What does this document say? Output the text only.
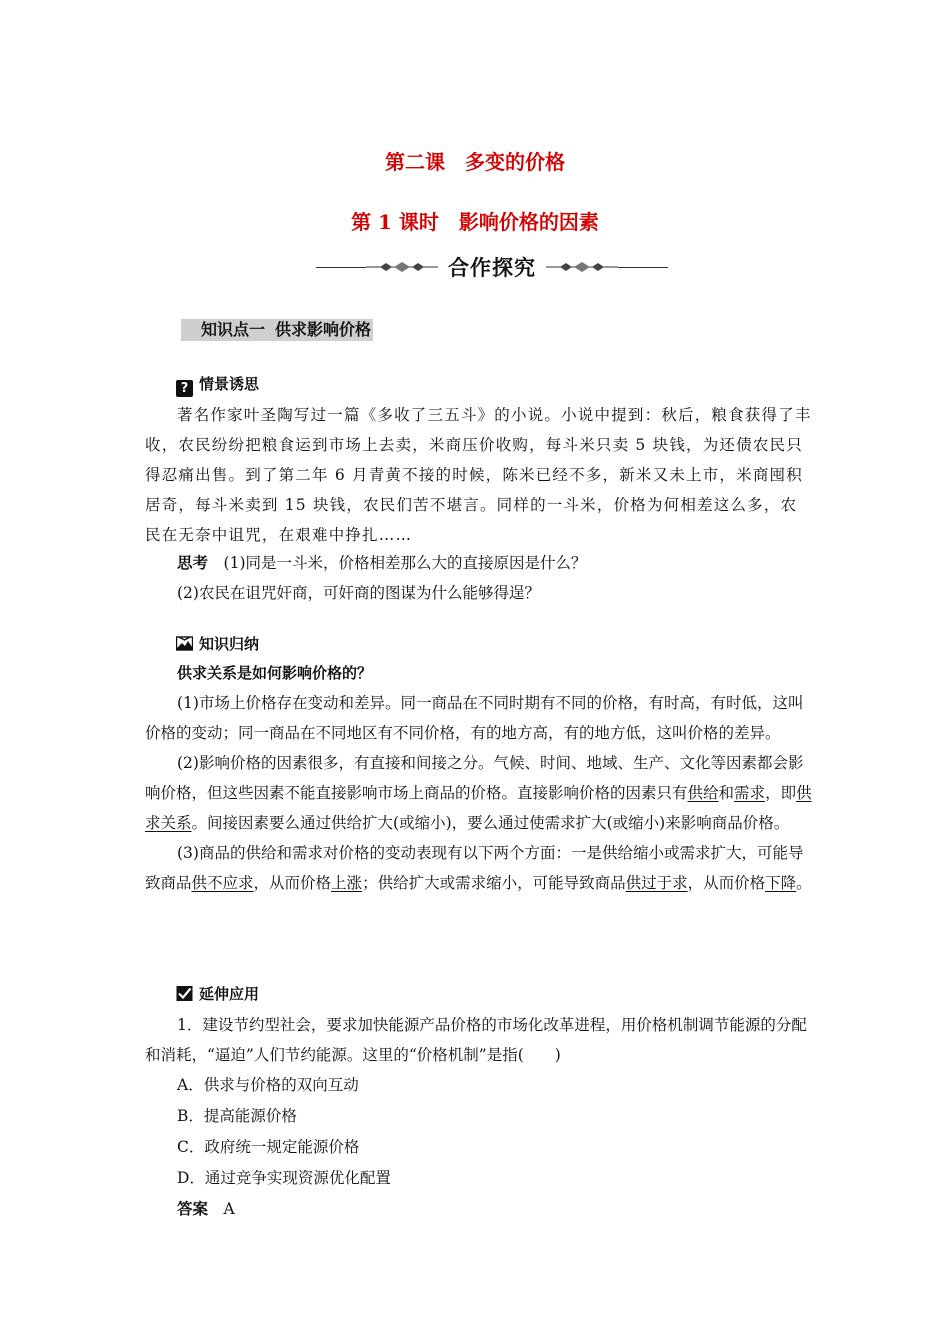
第二课　多变的价格
第 1 课时　影响价格的因素
合作探究
知识点一 供求影响价格
? 情景诱思

著名作家叶圣陶写过一篇《多收了三五斗》的小说。小说中提到：秋后，粮食获得了丰收，农民纷纷把粮食运到市场上去卖，米商压价收购，每斗米只卖 5 块钱，为还债农民只得忍痛出售。到了第二年 6 月青黄不接的时候，陈米已经不多，新米又未上市，米商囤积居奇，每斗米卖到 15 块钱，农民们苦不堪言。同样的一斗米，价格为何相差这么多，农民在无奈中诅咒，在艰难中挣扎……

思考　 (1)同是一斗米，价格相差那么大的直接原因是什么？
(2)农民在诅咒奸商，可奸商的图谋为什么能够得逞？
知识归纳
供求关系是如何影响价格的？

(1)市场上价格存在变动和差异。同一商品在不同时期有不同的价格，有时高，有时低，这叫价格的变动；同一商品在不同地区有不同价格，有的地方高，有的地方低，这叫价格的差异。

(2)影响价格的因素很多，有直接和间接之分。气候、时间、地域、生产、文化等因素都会影响价格，但这些因素不能直接影响市场上商品的价格。直接影响价格的因素只有供给和需求，即供求关系。间接因素要么通过供给扩大(或缩小)，要么通过使需求扩大(或缩小)来影响商品价格。

(3)商品的供给和需求对价格的变动表现有以下两个方面：一是供给缩小或需求扩大，可能导致商品供不应求，从而价格上涨；供给扩大或需求缩小，可能导致商品供过于求，从而价格下降。

延伸应用

1．建设节约型社会，要求加快能源产品价格的市场化改革进程，用价格机制调节能源的分配和消耗，“逼迫”人们节约能源。这里的“价格机制”是指(　　)

A．供求与价格的双向互动
B．提高能源价格
C．政府统一规定能源价格
D．通过竞争实现资源优化配置
答案　 A
